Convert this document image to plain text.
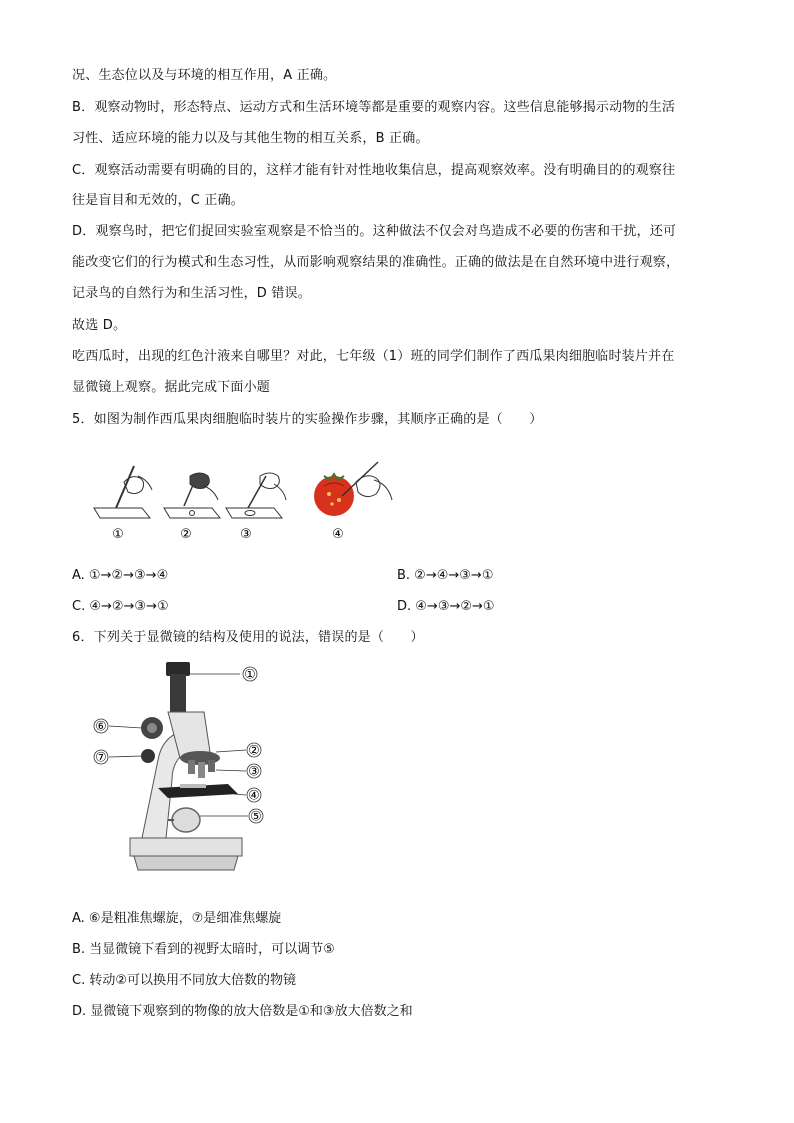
况、生态位以及与环境的相互作用，A 正确。
B．观察动物时，形态特点、运动方式和生活环境等都是重要的观察内容。这些信息能够揭示动物的生活
习性、适应环境的能力以及与其他生物的相互关系，B 正确。
C．观察活动需要有明确的目的，这样才能有针对性地收集信息，提高观察效率。没有明确目的的观察往
往是盲目和无效的，C 正确。
D．观察鸟时，把它们捉回实验室观察是不恰当的。这种做法不仅会对鸟造成不必要的伤害和干扰，还可
能改变它们的行为模式和生态习性，从而影响观察结果的准确性。正确的做法是在自然环境中进行观察，
记录鸟的自然行为和生活习性，D 错误。
故选 D。
吃西瓜时，出现的红色汁液来自哪里？对此，七年级（1）班的同学们制作了西瓜果肉细胞临时装片并在
显微镜上观察。据此完成下面小题
5．如图为制作西瓜果肉细胞临时装片的实验操作步骤，其顺序正确的是（　　）
①	②	③	④
A. ①→②→③→④	B. ②→④→③→①
C. ④→②→③→①	D. ④→③→②→①
6．下列关于显微镜的结构及使用的说法，错误的是（　　）
①
②
③
④
⑤
⑥
⑦
A. ⑥是粗准焦螺旋，⑦是细准焦螺旋
B. 当显微镜下看到的视野太暗时，可以调节⑤
C. 转动②可以换用不同放大倍数的物镜
D. 显微镜下观察到的物像的放大倍数是①和③放大倍数之和
